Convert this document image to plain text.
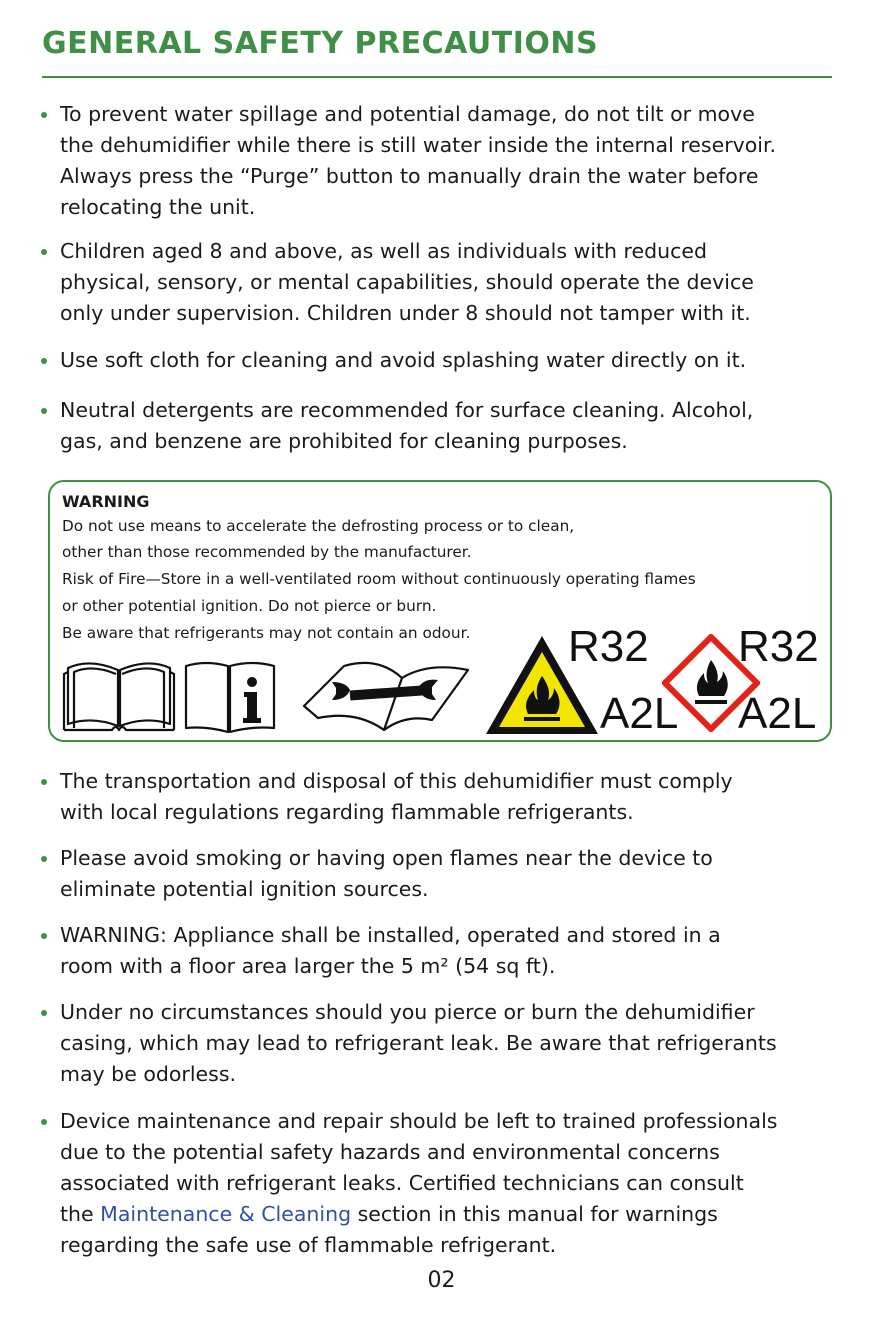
GENERAL SAFETY PRECAUTIONS
To prevent water spillage and potential damage, do not tilt or move
the dehumidifier while there is still water inside the internal reservoir.
Always press the “Purge” button to manually drain the water before
relocating the unit.
Children aged 8 and above, as well as individuals with reduced
physical, sensory, or mental capabilities, should operate the device
only under supervision. Children under 8 should not tamper with it.
Use soft cloth for cleaning and avoid splashing water directly on it.
Neutral detergents are recommended for surface cleaning. Alcohol,
gas, and benzene are prohibited for cleaning purposes.
WARNING
Do not use means to accelerate the defrosting process or to clean,
other than those recommended by the manufacturer.
Risk of Fire—Store in a well-ventilated room without continuously operating flames
or other potential ignition. Do not pierce or burn.
Be aware that refrigerants may not contain an odour. R32 R32
A2L A2L
The transportation and disposal of this dehumidifier must comply
with local regulations regarding flammable refrigerants.
Please avoid smoking or having open flames near the device to
eliminate potential ignition sources.
WARNING: Appliance shall be installed, operated and stored in a
room with a floor area larger the 5 m² (54 sq ft).
Under no circumstances should you pierce or burn the dehumidifier
casing, which may lead to refrigerant leak. Be aware that refrigerants
may be odorless.
Device maintenance and repair should be left to trained professionals
due to the potential safety hazards and environmental concerns
associated with refrigerant leaks. Certified technicians can consult
the Maintenance & Cleaning section in this manual for warnings
regarding the safe use of flammable refrigerant.
02
